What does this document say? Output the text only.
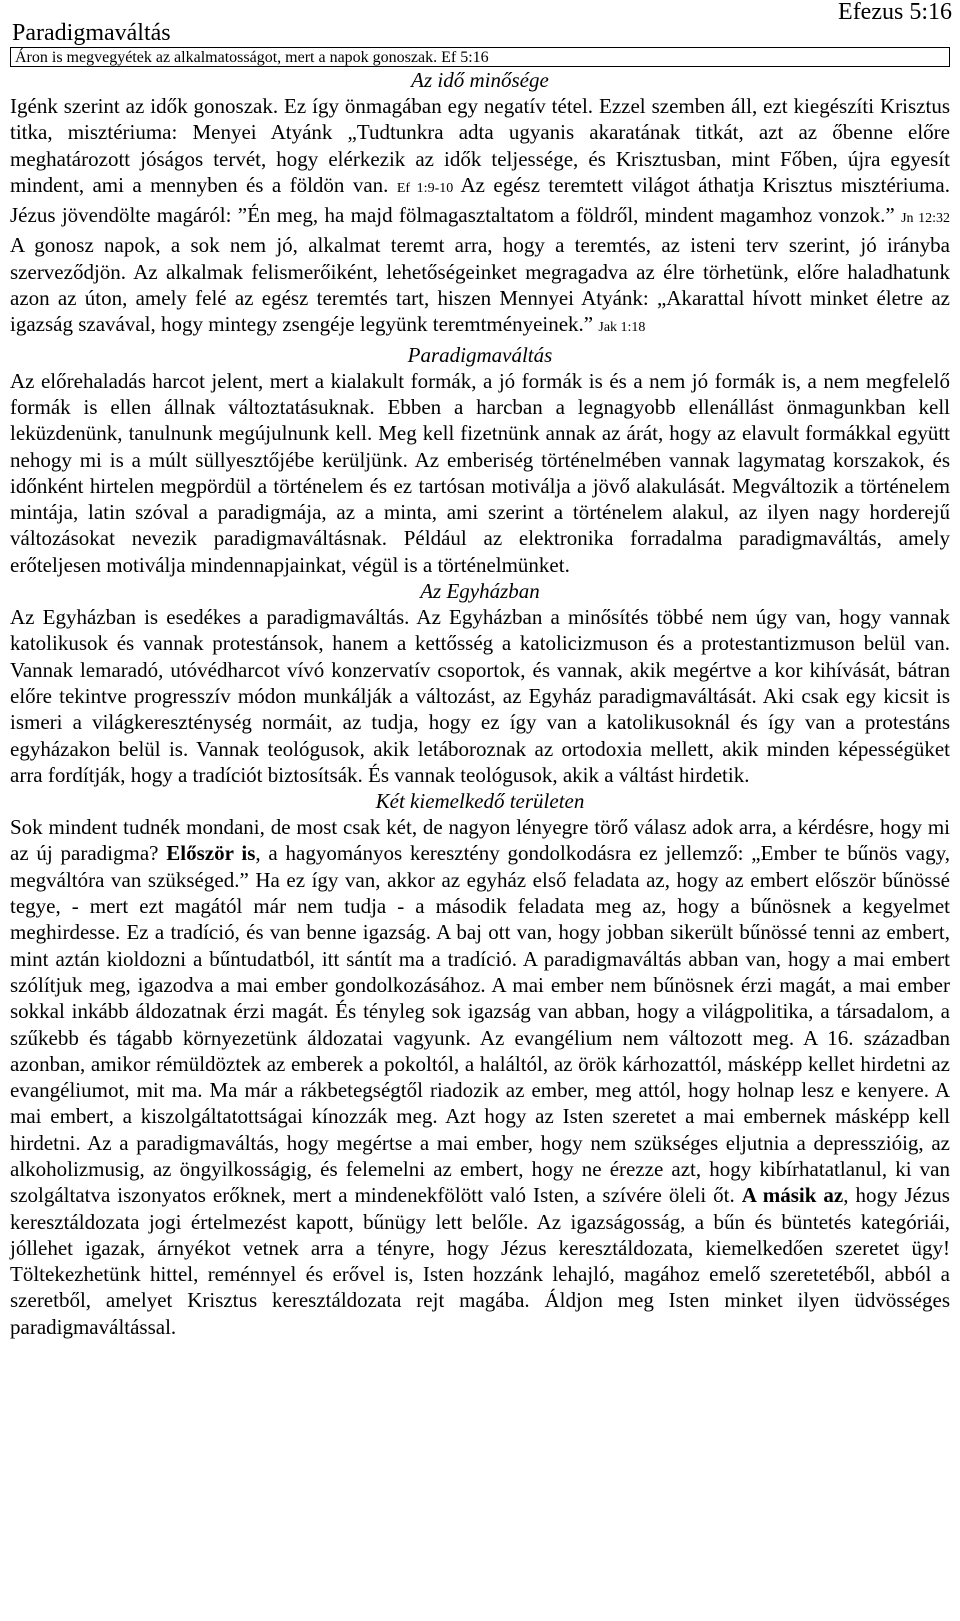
Efezus 5:16
Paradigmaváltás
Áron is megvegyétek az alkalmatosságot, mert a napok gonoszak. Ef 5:16
Az idő minősége
Igénk szerint az idők gonoszak. Ez így önmagában egy negatív tétel. Ezzel szemben áll, ezt kiegészíti Krisztus titka, misztériuma: Menyei Atyánk „Tudtunkra adta ugyanis akaratának titkát, azt az őbenne előre meghatározott jóságos tervét, hogy elérkezik az idők teljessége, és Krisztusban, mint Főben, újra egyesít mindent, ami a mennyben és a földön van. Ef 1:9-10 Az egész teremtett világot áthatja Krisztus misztériuma. Jézus jövendölte magáról: ”Én meg, ha majd fölmagasztaltatom a földről, mindent magamhoz vonzok.” Jn 12:32 A gonosz napok, a sok nem jó, alkalmat teremt arra, hogy a teremtés, az isteni terv szerint, jó irányba szerveződjön. Az alkalmak felismerőiként, lehetőségeinket megragadva az élre törhetünk, előre haladhatunk azon az úton, amely felé az egész teremtés tart, hiszen Mennyei Atyánk: „Akarattal hívott minket életre az igazság szavával, hogy mintegy zsengéje legyünk teremtményeinek.” Jak 1:18
Paradigmaváltás
Az előrehaladás harcot jelent, mert a kialakult formák, a jó formák is és a nem jó formák is, a nem megfelelő formák is ellen állnak változtatásuknak. Ebben a harcban a legnagyobb ellenállást önmagunkban kell leküzdenünk, tanulnunk megújulnunk kell. Meg kell fizetnünk annak az árát, hogy az elavult formákkal együtt nehogy mi is a múlt süllyesztőjébe kerüljünk. Az emberiség történelmében vannak lagymatag korszakok, és időnként hirtelen megpördül a történelem és ez tartósan motiválja a jövő alakulását. Megváltozik a történelem mintája, latin szóval a paradigmája, az a minta, ami szerint a történelem alakul, az ilyen nagy horderejű változásokat nevezik paradigmaváltásnak. Például az elektronika forradalma paradigmaváltás, amely erőteljesen motiválja mindennapjainkat, végül is a történelmünket.
Az Egyházban
Az Egyházban is esedékes a paradigmaváltás. Az Egyházban a minősítés többé nem úgy van, hogy vannak katolikusok és vannak protestánsok, hanem a kettősség a katolicizmuson és a protestantizmuson belül van. Vannak lemaradó, utóvédharcot vívó konzervatív csoportok, és vannak, akik megértve a kor kihívását, bátran előre tekintve progresszív módon munkálják a változást, az Egyház paradigmaváltását. Aki csak egy kicsit is ismeri a világkereszténység normáit, az tudja, hogy ez így van a katolikusoknál és így van a protestáns egyházakon belül is. Vannak teológusok, akik letáboroznak az ortodoxia mellett, akik minden képességüket arra fordítják, hogy a tradíciót biztosítsák. És vannak teológusok, akik a váltást hirdetik.
Két kiemelkedő területen
Sok mindent tudnék mondani, de most csak két, de nagyon lényegre törő válasz adok arra, a kérdésre, hogy mi az új paradigma? Először is, a hagyományos keresztény gondolkodásra ez jellemző: „Ember te bűnös vagy, megváltóra van szükséged.” Ha ez így van, akkor az egyház első feladata az, hogy az embert először bűnössé tegye, - mert ezt magától már nem tudja - a második feladata meg az, hogy a bűnösnek a kegyelmet meghirdesse. Ez a tradíció, és van benne igazság. A baj ott van, hogy jobban sikerült bűnössé tenni az embert, mint aztán kioldozni a bűntudatból, itt sántít ma a tradíció. A paradigmaváltás abban van, hogy a mai embert szólítjuk meg, igazodva a mai ember gondolkozásához. A mai ember nem bűnösnek érzi magát, a mai ember sokkal inkább áldozatnak érzi magát. És tényleg sok igazság van abban, hogy a világpolitika, a társadalom, a szűkebb és tágabb környezetünk áldozatai vagyunk. Az evangélium nem változott meg. A 16. században azonban, amikor rémüldöztek az emberek a pokoltól, a haláltól, az örök kárhozattól, másképp kellet hirdetni az evangéliumot, mit ma. Ma már a rákbetegségtől riadozik az ember, meg attól, hogy holnap lesz e kenyere. A mai embert, a kiszolgáltatottságai kínozzák meg. Azt hogy az Isten szeretet a mai embernek másképp kell hirdetni. Az a paradigmaváltás, hogy megértse a mai ember, hogy nem szükséges eljutnia a depresszióig, az alkoholizmusig, az öngyilkosságig, és felemelni az embert, hogy ne érezze azt, hogy kibírhatatlanul, ki van szolgáltatva iszonyatos erőknek, mert a mindenekfölött való Isten, a szívére öleli őt. A másik az, hogy Jézus keresztáldozata jogi értelmezést kapott, bűnügy lett belőle. Az igazságosság, a bűn és büntetés kategóriái, jóllehet igazak, árnyékot vetnek arra a tényre, hogy Jézus keresztáldozata, kiemelkedően szeretet ügy! Töltekezhetünk hittel, reménnyel és erővel is, Isten hozzánk lehajló, magához emelő szeretetéből, abból a szeretből, amelyet Krisztus keresztáldozata rejt magába. Áldjon meg Isten minket ilyen üdvösséges paradigmaváltással.
